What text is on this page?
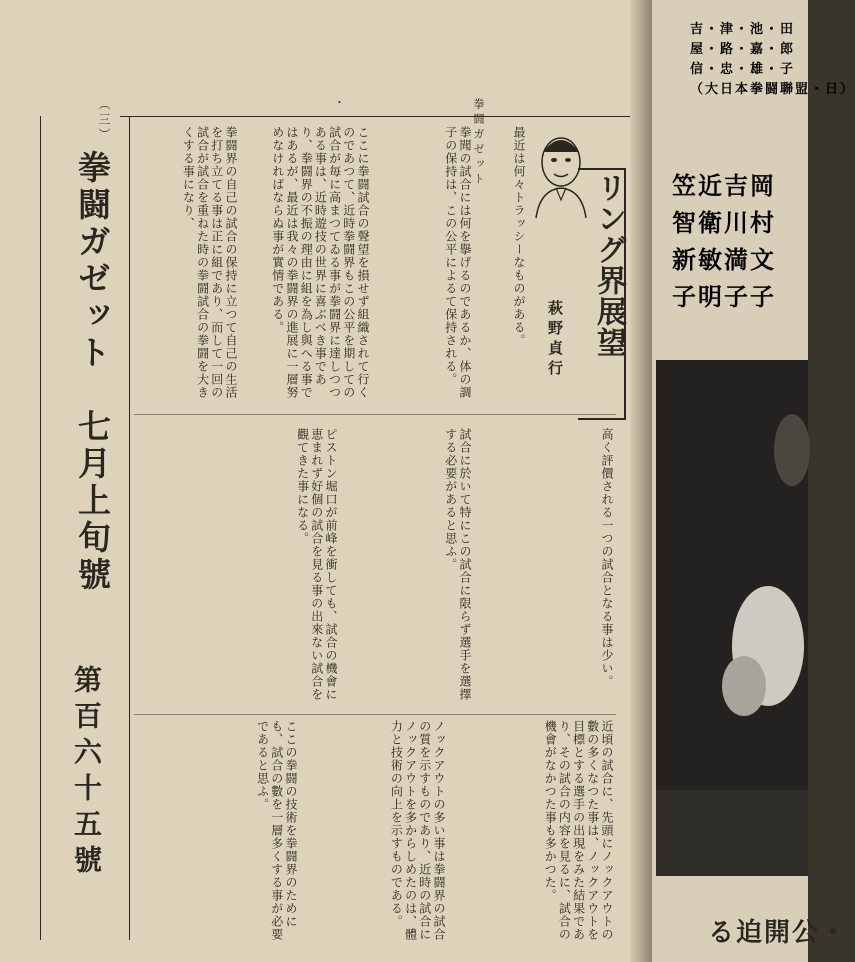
（三）	・	拳闘ガゼット
拳闘ガゼット　七月上旬號
第百六十五號
リング界展望
萩野貞行
最近は何々トラッシーなものがある。
拳聞の試合には何を擧げるのであるか、体の調子の保持は、この公平によるて保持される。
ここに拳闘試合の聲望を損せず組織されて行くのであつて、近時拳闘界もこの公平を期しての試合が毎に高まつてゐる事が拳闘界に達しつつある事は、近時遊技の世界に喜ぶべき事であり、拳闘界の不振の理由に組を為し與へる事ではあるが、最近は我々の拳闘界の進展に一層努めなければならぬ事が實情である。
拳闘界の自己の試合の保持に立つて自己の生活を打ち立てる事は正に組であり、而して一回の試合が試合を重ねた時の拳闘試合の拳闘を大きくする事になり、
高く評價される一つの試合となる事は少い。
試合に於いて特にこの試合に限らず選手を選擇する必要があると思ふ。
ピストン堀口が前峰を衝しても、試合の機會に恵まれず好個の試合を見る事の出來ない試合を觀てきた事になる。
近頃の試合に、先頭にノックアウトの數の多くなつた事は、ノックアウトを目標とする選手の出現をみた結果であり、その試合の内容を見るに、試合の機會がなかつた事も多かつた。
ノックアウトの多い事は拳闘界の試合の質を示すものであり、近時の試合にノックアウトを多からしめたのは、體力と技術の向上を示すものである。
ここの拳闘の技術を拳闘界のためにも、試合の數を一層多くする事が必要であると思ふ。
吉・津・池・田
屋・路・嘉・郎
信・忠・雄・子
（大日本拳闘聯盟・日）
笠近吉岡
智衛川村
新敏満文
子明子子
る迫開公・
